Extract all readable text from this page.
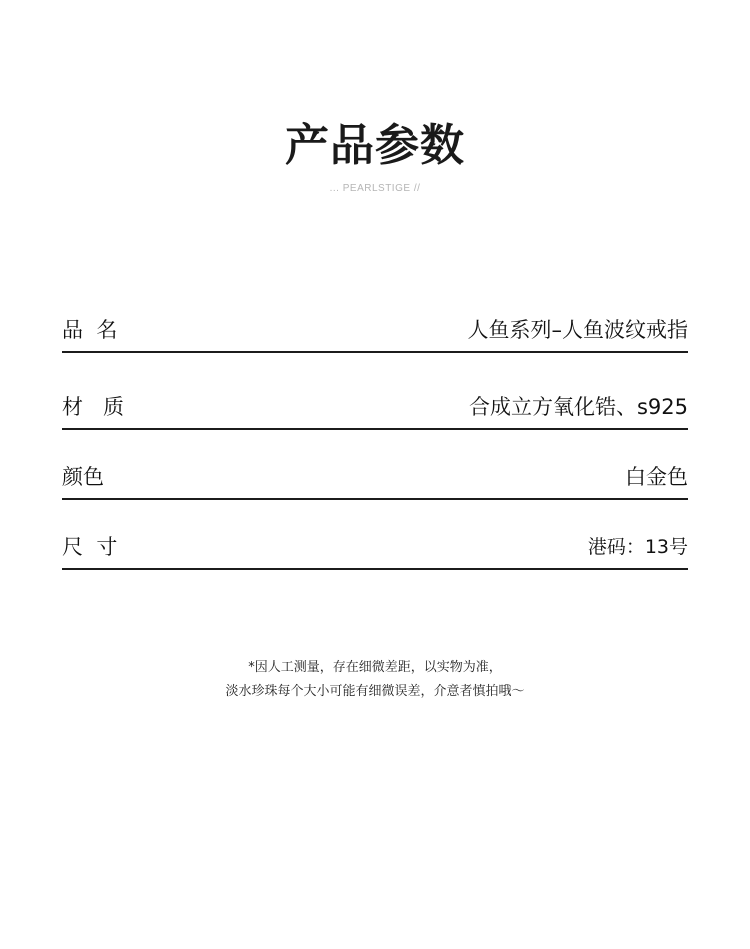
产品参数
... PEARLSTIGE //
品  名	人鱼系列–人鱼波纹戒指
材   质	合成立方氧化锆、s925
颜色	白金色
尺  寸	港码：13号
*因人工测量，存在细微差距，以实物为准，
淡水珍珠每个大小可能有细微误差，介意者慎拍哦～
